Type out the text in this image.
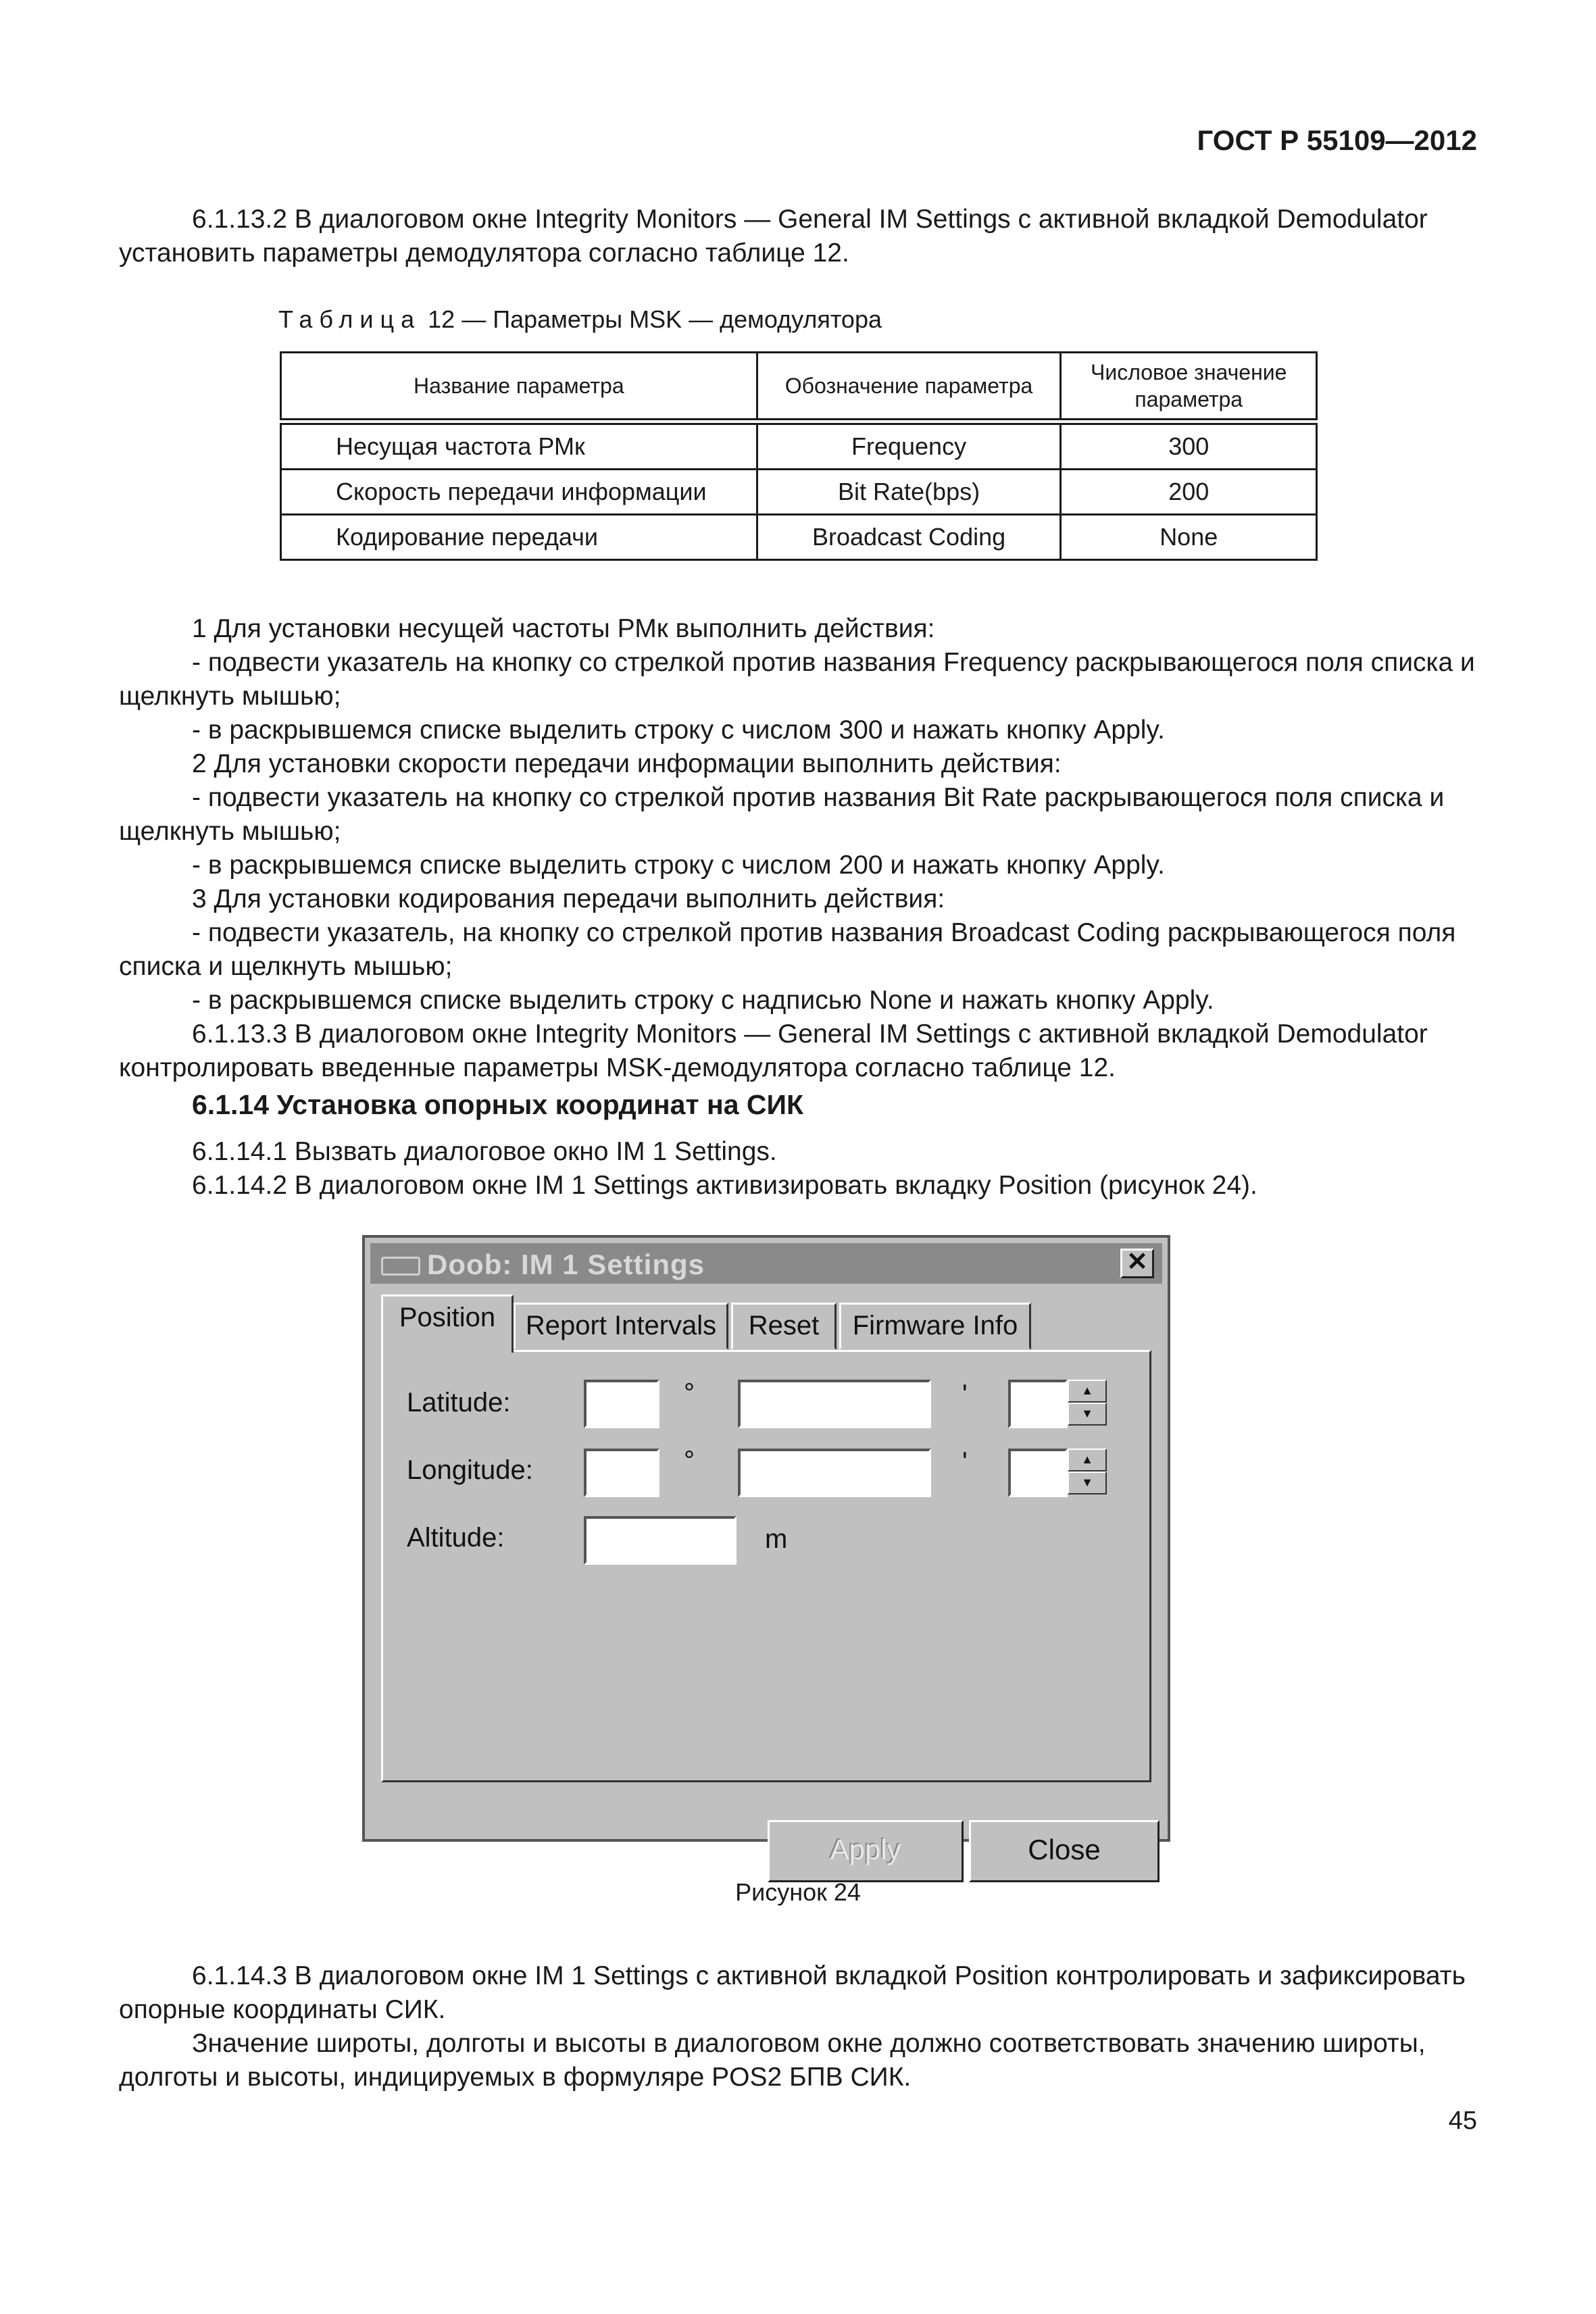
ГОСТ Р 55109—2012
6.1.13.2 В диалоговом окне Integrity Monitors — General IM Settings с активной вкладкой Demodulator установить параметры демодулятора согласно таблице 12.
Таблица 12 — Параметры MSK — демодулятора
Название параметра	Обозначение параметра	Числовое значение параметра
Несущая частота РМк	Frequency	300
Скорость передачи информации	Bit Rate(bps)	200
Кодирование передачи	Broadcast Coding	None
1 Для установки несущей частоты РМк выполнить действия:
- подвести указатель на кнопку со стрелкой против названия Frequency раскрывающегося поля списка и щелкнуть мышью;
- в раскрывшемся списке выделить строку с числом 300 и нажать кнопку Apply.
2 Для установки скорости передачи информации выполнить действия:
- подвести указатель на кнопку со стрелкой против названия Bit Rate раскрывающегося поля списка и щелкнуть мышью;
- в раскрывшемся списке выделить строку с числом 200 и нажать кнопку Apply.
3 Для установки кодирования передачи выполнить действия:
- подвести указатель, на кнопку со стрелкой против названия Broadcast Coding раскрывающегося поля списка и щелкнуть мышью;
- в раскрывшемся списке выделить строку с надписью None и нажать кнопку Apply.
6.1.13.3 В диалоговом окне Integrity Monitors — General IM Settings с активной вкладкой Demodulator контролировать введенные параметры MSK-демодулятора согласно таблице 12.
6.1.14 Установка опорных координат на СИК
6.1.14.1 Вызвать диалоговое окно IM 1 Settings.
6.1.14.2 В диалоговом окне IM 1 Settings активизировать вкладку Position (рисунок 24).
Doob: IM 1 Settings	✕
Position	Report Intervals	Reset	Firmware Info
Latitude:	°	'	▲
▼
Longitude:	°	'	▲
▼
Altitude:	m
Apply	Close
Рисунок 24
6.1.14.3 В диалоговом окне IM 1 Settings с активной вкладкой Position контролировать и зафиксировать опорные координаты СИК.
Значение широты, долготы и высоты в диалоговом окне должно соответствовать значению широты, долготы и высоты, индицируемых в формуляре POS2 БПВ СИК.
45
